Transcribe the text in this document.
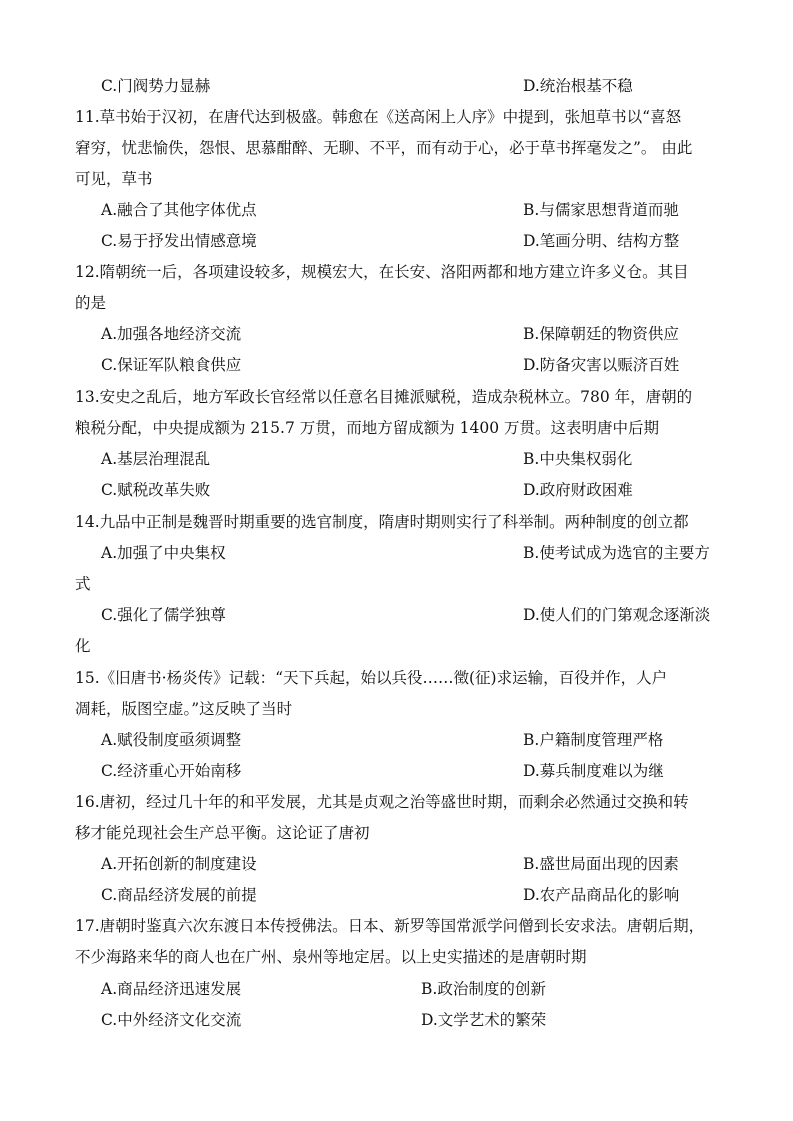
C.门阀势力显赫	D.统治根基不稳
11.草书始于汉初，在唐代达到极盛。韩愈在《送高闲上人序》中提到，张旭草书以“喜怒
窘穷，忧悲愉佚，怨恨、思慕酣醉、无聊、不平，而有动于心，必于草书挥毫发之”。 由此
可见，草书
A.融合了其他字体优点	B.与儒家思想背道而驰
C.易于抒发出情感意境	D.笔画分明、结构方整
12.隋朝统一后，各项建设较多，规模宏大，在长安、洛阳两都和地方建立许多义仓。其目
的是
A.加强各地经济交流	B.保障朝廷的物资供应
C.保证军队粮食供应	D.防备灾害以赈济百姓
13.安史之乱后，地方军政长官经常以任意名目摊派赋税，造成杂税林立。780 年，唐朝的
粮税分配，中央提成额为 215.7 万贯，而地方留成额为 1400 万贯。这表明唐中后期
A.基层治理混乱	B.中央集权弱化
C.赋税改革失败	D.政府财政困难
14.九品中正制是魏晋时期重要的选官制度，隋唐时期则实行了科举制。两种制度的创立都
A.加强了中央集权	B.使考试成为选官的主要方
式
C.强化了儒学独尊	D.使人们的门第观念逐渐淡
化
15.《旧唐书·杨炎传》记载：“天下兵起，始以兵役……徵(征)求运输，百役并作，人户
凋耗，版图空虚。”这反映了当时
A.赋役制度亟须调整	B.户籍制度管理严格
C.经济重心开始南移	D.募兵制度难以为继
16.唐初，经过几十年的和平发展，尤其是贞观之治等盛世时期，而剩余必然通过交换和转
移才能兑现社会生产总平衡。这论证了唐初
A.开拓创新的制度建设	B.盛世局面出现的因素
C.商品经济发展的前提	D.农产品商品化的影响
17.唐朝时鉴真六次东渡日本传授佛法。日本、新罗等国常派学问僧到长安求法。唐朝后期，
不少海路来华的商人也在广州、泉州等地定居。以上史实描述的是唐朝时期
A.商品经济迅速发展	B.政治制度的创新
C.中外经济文化交流	D.文学艺术的繁荣
